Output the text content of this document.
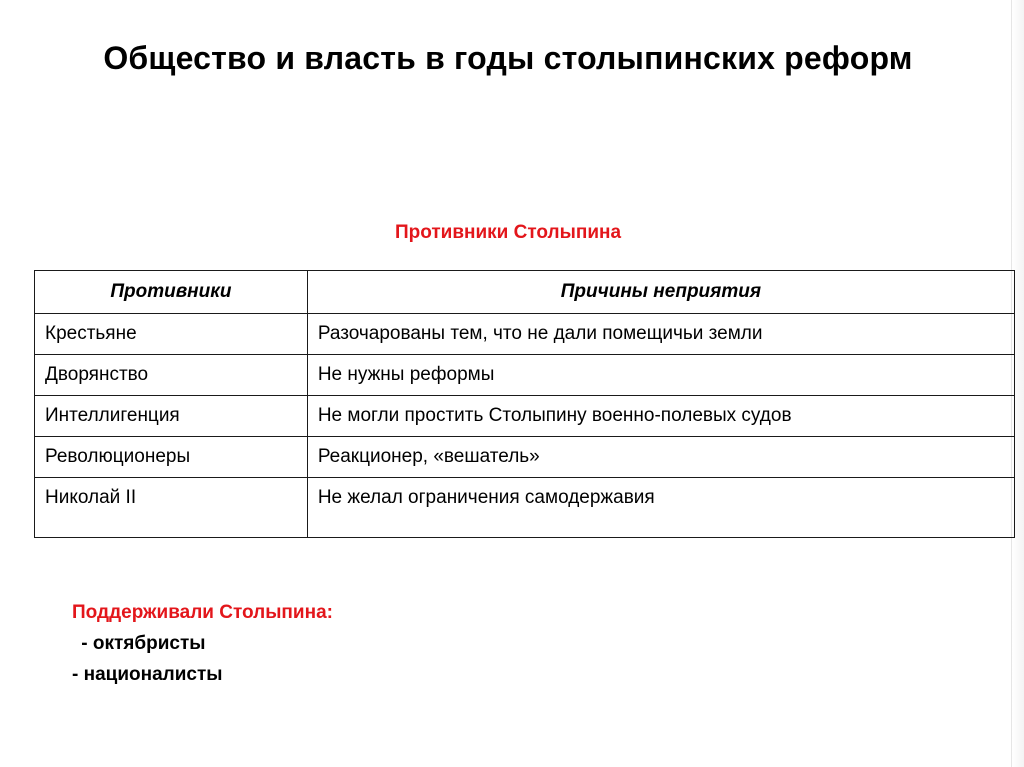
Общество и власть в годы столыпинских реформ
Противники Столыпина
Противники	Причины неприятия
Крестьяне	Разочарованы тем, что не дали помещичьи земли
Дворянство	Не нужны реформы
Интеллигенция	Не могли простить Столыпину военно-полевых судов
Революционеры	Реакционер, «вешатель»
Николай II	Не желал ограничения самодержавия
Поддерживали Столыпина:
- октябристы
- националисты
